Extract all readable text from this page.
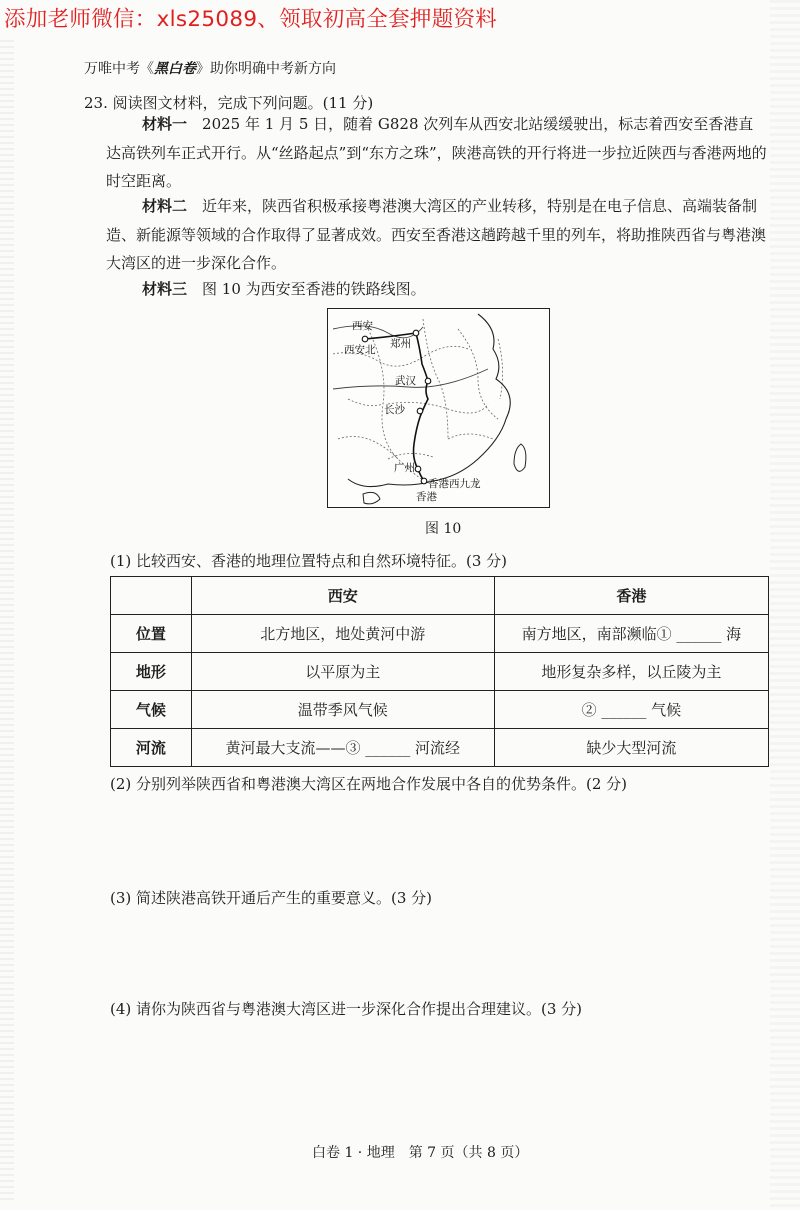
添加老师微信：xls25089、领取初高全套押题资料
万唯中考《黑白卷》助你明确中考新方向
23. 阅读图文材料，完成下列问题。(11 分)
材料一　 2025 年 1 月 5 日，随着 G828 次列车从西安北站缓缓驶出，标志着西安至香港直达高铁列车正式开行。从“丝路起点”到“东方之珠”，陕港高铁的开行将进一步拉近陕西与香港两地的时空距离。
材料二　 近年来，陕西省积极承接粤港澳大湾区的产业转移，特别是在电子信息、高端装备制造、新能源等领域的合作取得了显著成效。西安至香港这趟跨越千里的列车，将助推陕西省与粤港澳大湾区的进一步深化合作。
材料三　 图 10 为西安至香港的铁路线图。
西安
西安北 郑州
武汉
长沙
广州
香港西九龙
香港
图 10
(1) 比较西安、香港的地理位置特点和自然环境特征。(3 分)
	西安	香港
位置	北方地区，地处黄河中游	南方地区，南部濒临① ______ 海
地形	以平原为主	地形复杂多样，以丘陵为主
气候	温带季风气候	② ______ 气候
河流	黄河最大支流——③ ______ 河流经	缺少大型河流
(2) 分别列举陕西省和粤港澳大湾区在两地合作发展中各自的优势条件。(2 分)
(3) 简述陕港高铁开通后产生的重要意义。(3 分)
(4) 请你为陕西省与粤港澳大湾区进一步深化合作提出合理建议。(3 分)
白卷 1 · 地理　第 7 页（共 8 页）
